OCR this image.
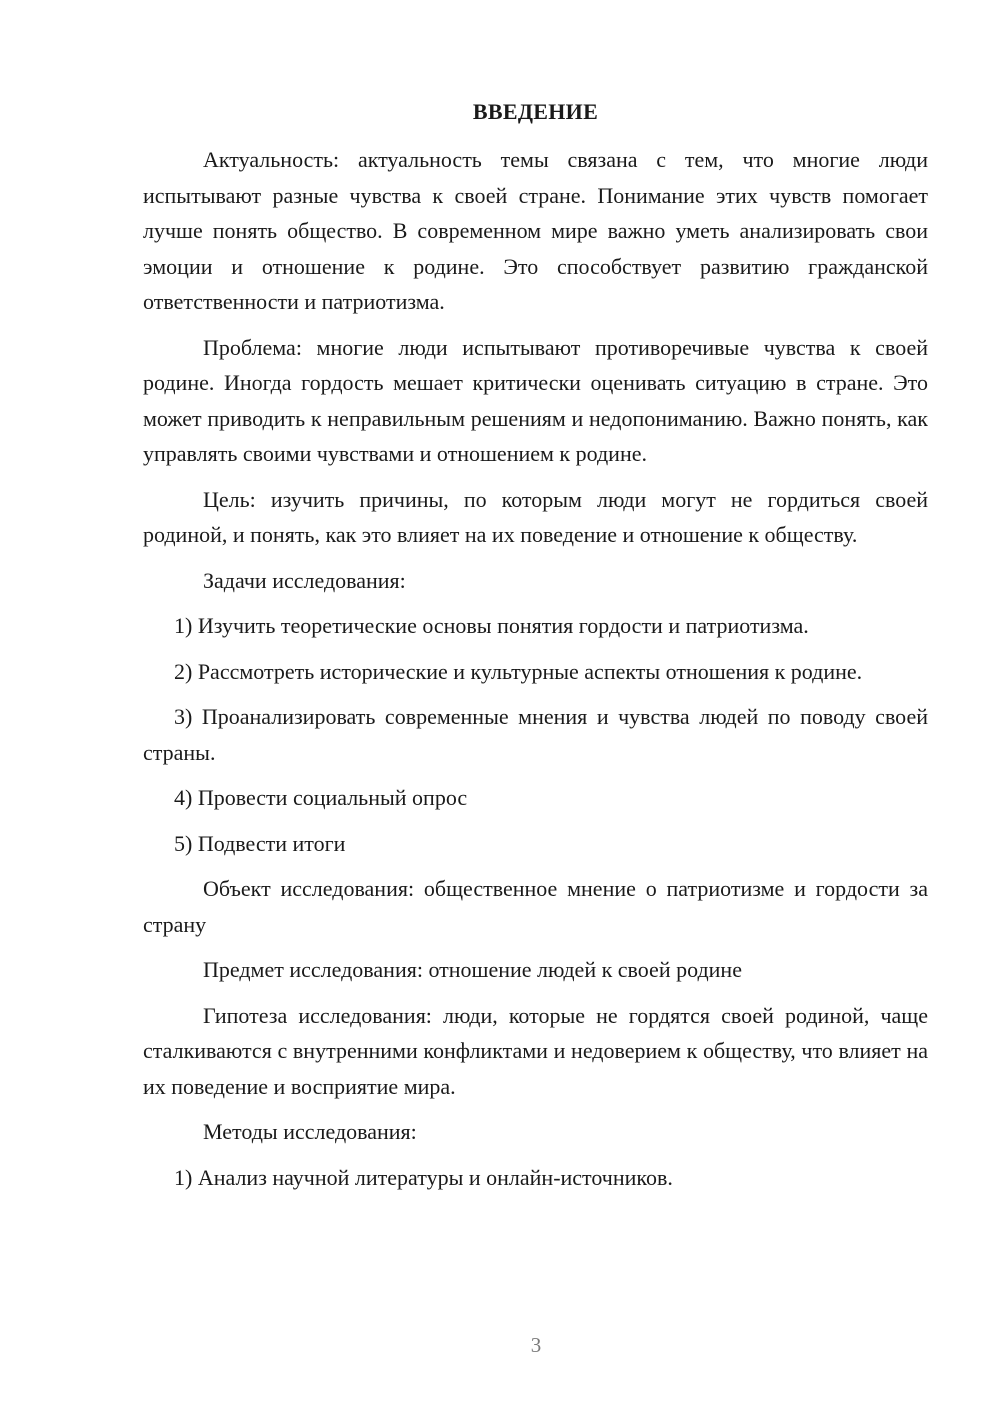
ВВЕДЕНИЕ

Актуальность: актуальность темы связана с тем, что многие люди испытывают разные чувства к своей стране. Понимание этих чувств помогает лучше понять общество. В современном мире важно уметь анализировать свои эмоции и отношение к родине. Это способствует развитию гражданской ответственности и патриотизма.

Проблема: многие люди испытывают противоречивые чувства к своей родине. Иногда гордость мешает критически оценивать ситуацию в стране. Это может приводить к неправильным решениям и недопониманию. Важно понять, как управлять своими чувствами и отношением к родине.

Цель: изучить причины, по которым люди могут не гордиться своей родиной, и понять, как это влияет на их поведение и отношение к обществу.

Задачи исследования:

1) Изучить теоретические основы понятия гордости и патриотизма.

2) Рассмотреть исторические и культурные аспекты отношения к родине.

3) Проанализировать современные мнения и чувства людей по поводу своей страны.

4) Провести социальный опрос

5) Подвести итоги

Объект исследования: общественное мнение о патриотизме и гордости за страну

Предмет исследования: отношение людей к своей родине

Гипотеза исследования: люди, которые не гордятся своей родиной, чаще сталкиваются с внутренними конфликтами и недоверием к обществу, что влияет на их поведение и восприятие мира.

Методы исследования:

1) Анализ научной литературы и онлайн-источников.

3
